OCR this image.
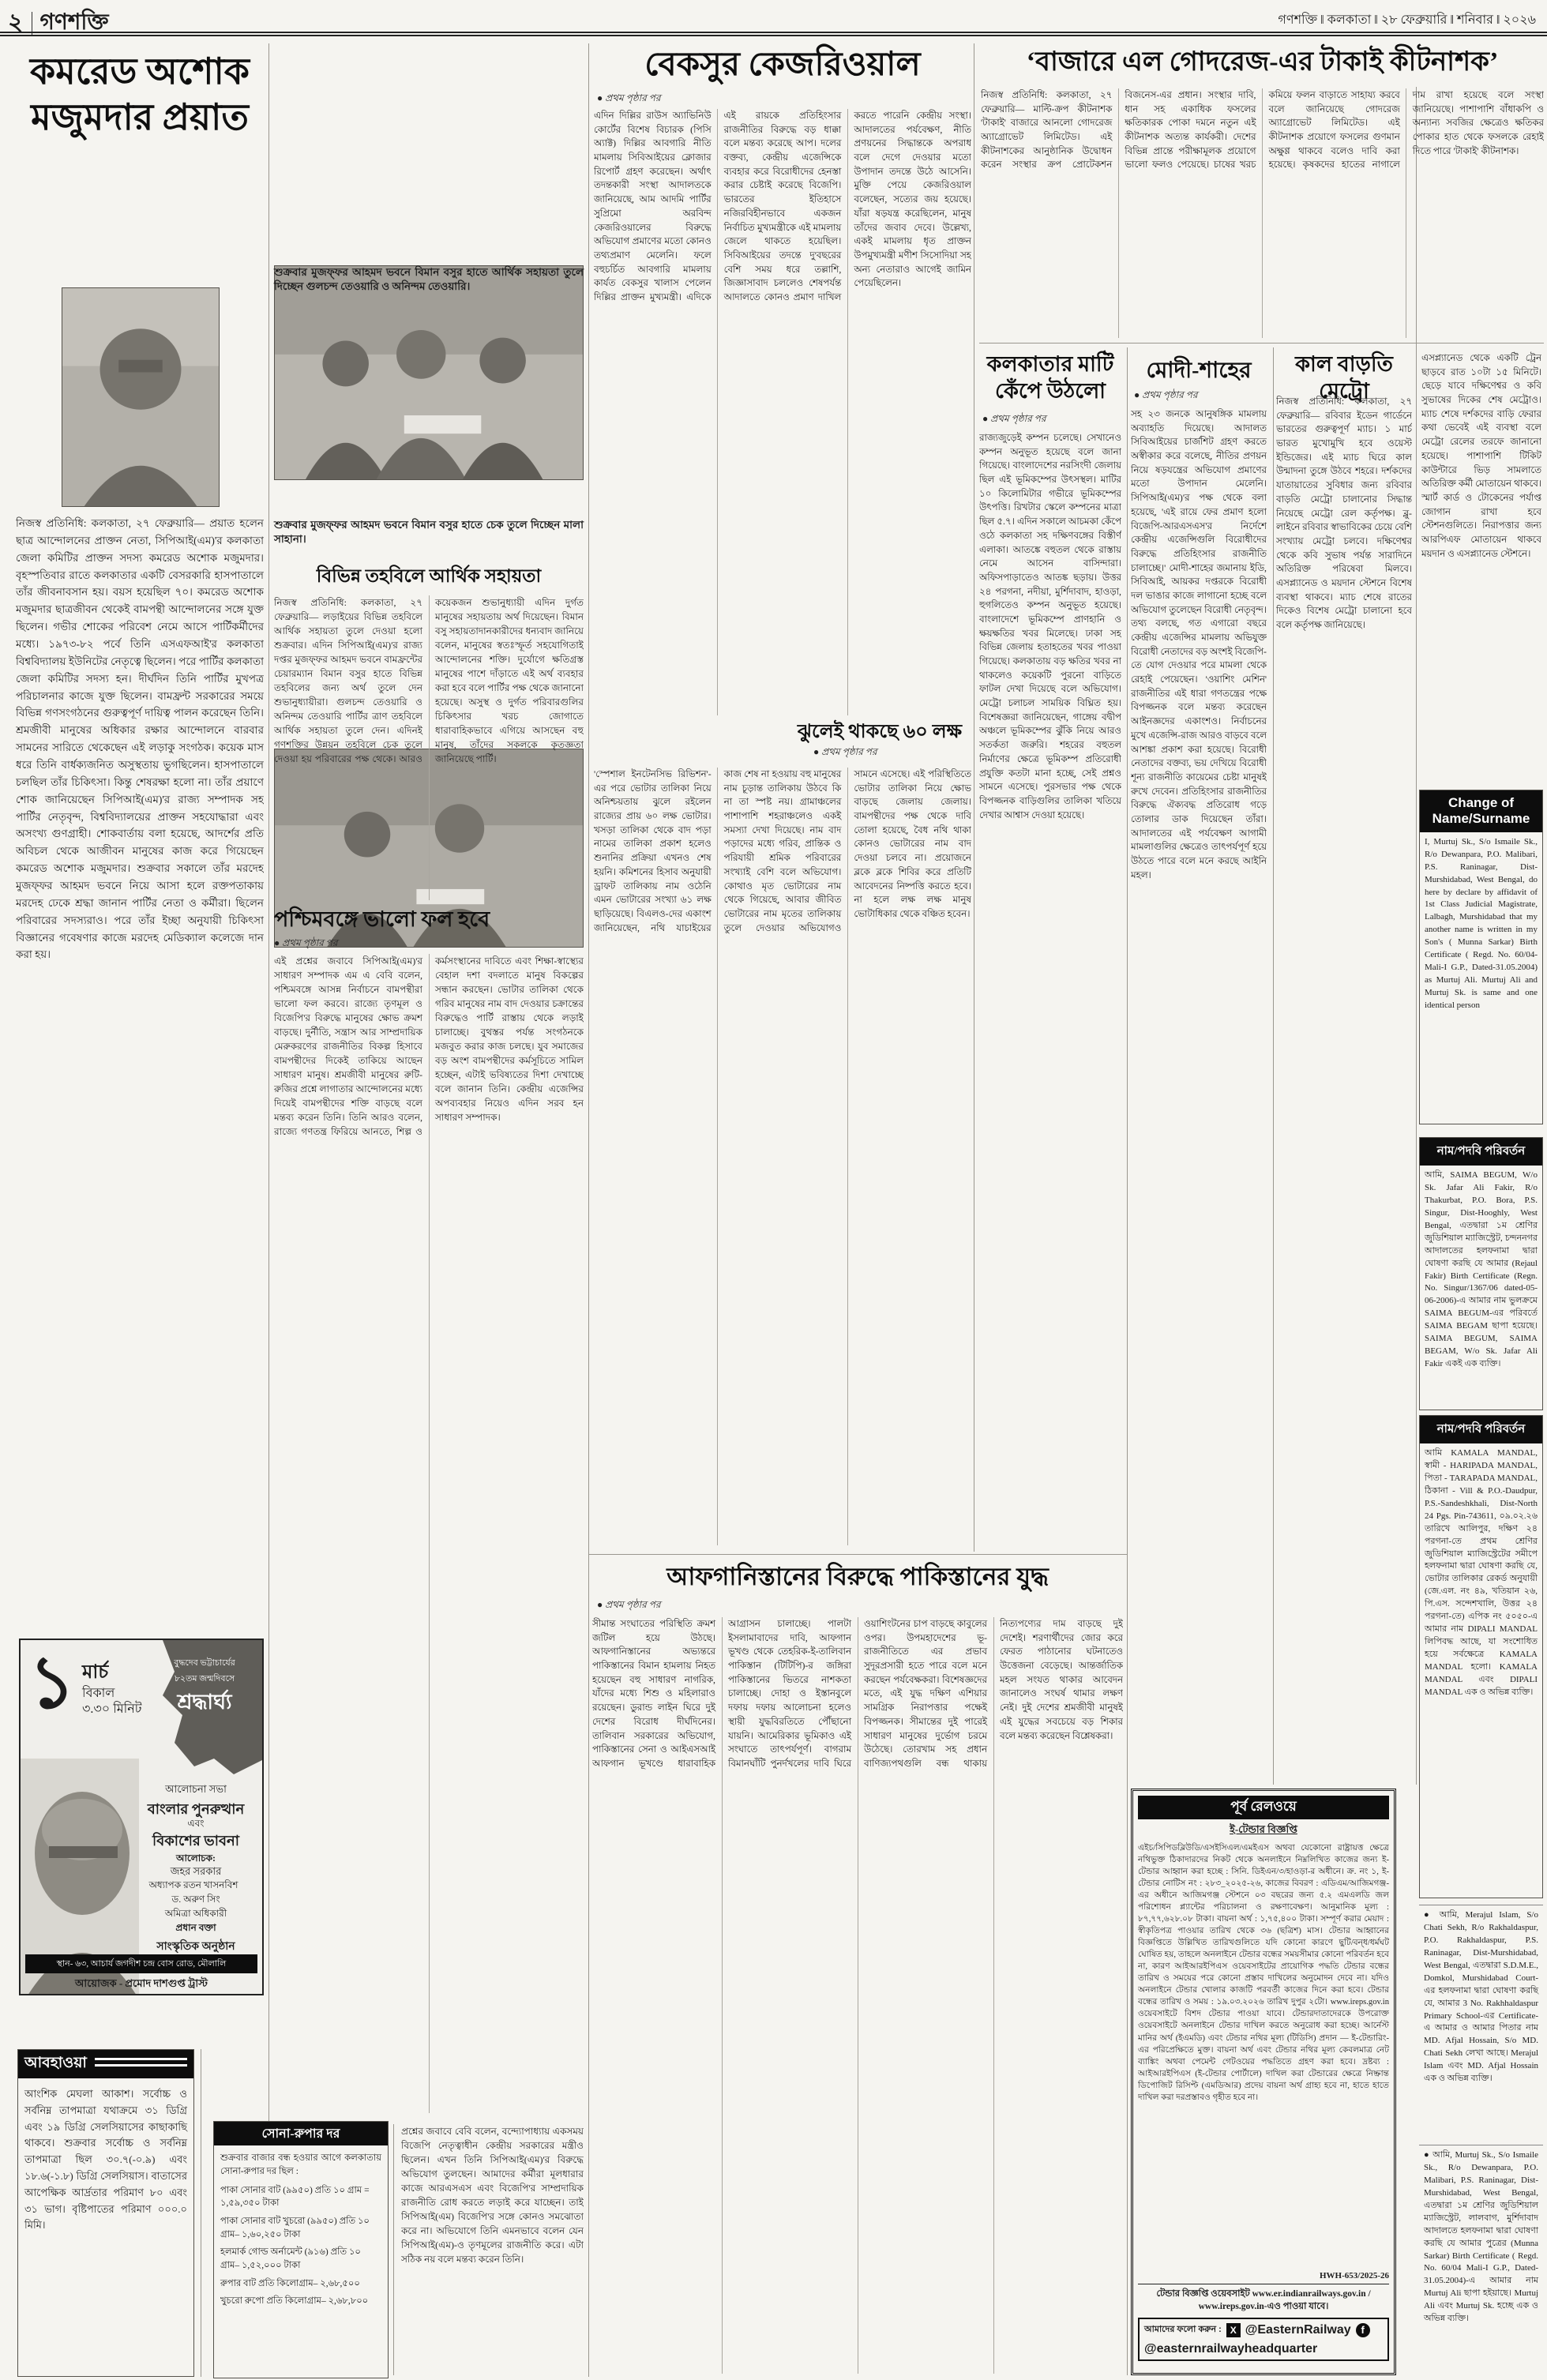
২ গণশক্তি	গণশক্তি ‖ কলকাতা ‖ ২৮ ফেব্রুয়ারি ‖ শনিবার ‖ ২০২৬
কমরেড অশোক মজুমদার প্রয়াত
নিজস্ব প্রতিনিধি: কলকাতা, ২৭ ফেব্রুয়ারি— প্রয়াত হলেন ছাত্র আন্দোলনের প্রাক্তন নেতা, সিপিআই(এম)'র কলকাতা জেলা কমিটির প্রাক্তন সদস্য কমরেড অশোক মজুমদার। বৃহস্পতিবার রাতে কলকাতার একটি বেসরকারি হাসপাতালে তাঁর জীবনাবসান হয়। বয়স হয়েছিল ৭০। কমরেড অশোক মজুমদার ছাত্রজীবন থেকেই বামপন্থী আন্দোলনের সঙ্গে যুক্ত ছিলেন। গভীর শোকের পরিবেশ নেমে আসে পার্টিকর্মীদের মধ্যে। ১৯৭৩-৮২ পর্বে তিনি এসএফআই'র কলকাতা বিশ্ববিদ্যালয় ইউনিটের নেতৃত্বে ছিলেন। পরে পার্টির কলকাতা জেলা কমিটির সদস্য হন। দীর্ঘদিন তিনি পার্টির মুখপত্র পরিচালনার কাজে যুক্ত ছিলেন। বামফ্রন্ট সরকারের সময়ে বিভিন্ন গণসংগঠনের গুরুত্বপূর্ণ দায়িত্ব পালন করেছেন তিনি। শ্রমজীবী মানুষের অধিকার রক্ষার আন্দোলনে বারবার সামনের সারিতে থেকেছেন এই লড়াকু সংগঠক। কয়েক মাস ধরে তিনি বার্ধক্যজনিত অসুস্থতায় ভুগছিলেন। হাসপাতালে চলছিল তাঁর চিকিৎসা। কিন্তু শেষরক্ষা হলো না। তাঁর প্রয়াণে শোক জানিয়েছেন সিপিআই(এম)'র রাজ্য সম্পাদক সহ পার্টির নেতৃবৃন্দ, বিশ্ববিদ্যালয়ের প্রাক্তন সহযোদ্ধারা এবং অসংখ্য গুণগ্রাহী। শোকবার্তায় বলা হয়েছে, আদর্শের প্রতি অবিচল থেকে আজীবন মানুষের কাজ করে গিয়েছেন কমরেড অশোক মজুমদার। শুক্রবার সকালে তাঁর মরদেহ মুজফ্‌ফর আহমদ ভবনে নিয়ে আসা হলে রক্তপতাকায় মরদেহ ঢেকে শ্রদ্ধা জানান পার্টির নেতা ও কর্মীরা। ছিলেন পরিবারের সদস্যরাও। পরে তাঁর ইচ্ছা অনুযায়ী চিকিৎসা বিজ্ঞানের গবেষণার কাজে মরদেহ মেডিক্যাল কলেজে দান করা হয়।
১ মার্চ
বিকাল
৩.৩০ মিনিট
বুদ্ধদেব ভট্টাচার্যের
৮২তম জন্মদিবসে
শ্রদ্ধার্ঘ্য
আলোচনা সভা
বাংলার পুনরুত্থান
এবং
বিকাশের ভাবনা
আলোচক:
জহর সরকার
অধ্যাপক রতন খাসনবিশ
ড. অরুণ সিং
অমিত্রা অধিকারী
প্রধান বক্তা
সাংস্কৃতিক অনুষ্ঠান
স্থান- ৬৩, আচার্য জগদীশ চন্দ্র বোস রোড, মৌলালি
আয়োজক - প্রমোদ দাশগুপ্ত ট্রাস্ট
আবহাওয়া
আংশিক মেঘলা আকাশ। সর্বোচ্চ ও সর্বনিম্ন তাপমাত্রা যথাক্রমে ৩১ ডিগ্রি এবং ১৯ ডিগ্রি সেলসিয়াসের কাছাকাছি থাকবে। শুক্রবার সর্বোচ্চ ও সর্বনিম্ন তাপমাত্রা ছিল ৩০.৭(-০.৯) এবং ১৮.৬(-১.৮) ডিগ্রি সেলসিয়াস। বাতাসের আপেক্ষিক আর্দ্রতার পরিমাণ ৮০ এবং ৩১ ভাগ। বৃষ্টিপাতের পরিমাণ ০০০.০ মিমি।
সোনা-রুপার দর
শুক্রবার বাজার বন্ধ হওয়ার আগে কলকাতায় সোনা-রুপার দর ছিল :
পাকা সোনার বাট (৯৯৫০) প্রতি ১০ গ্রাম = ১,৫৯,৩৫০ টাকা
পাকা সোনার বাট খুচরো (৯৯৫০) প্রতি ১০ গ্রাম– ১,৬০,২৫০ টাকা
হলমার্ক গোল্ড অর্নামেন্ট (৯১৬) প্রতি ১০ গ্রাম– ১,৫২,০০০ টাকা
রুপার বাট প্রতি কিলোগ্রাম– ২,৬৮,৫০০
খুচরো রুপো প্রতি কিলোগ্রাম– ২,৬৮,৮০০
শুক্রবার মুজফ্‌ফর আহমদ ভবনে বিমান বসুর হাতে আর্থিক সহায়তা তুলে দিচ্ছেন গুলচন্দ তেওয়ারি ও অনিন্দম তেওয়ারি।
শুক্রবার মুজফ্‌ফর আহমদ ভবনে বিমান বসুর হাতে চেক তুলে দিচ্ছেন মালা সাহানা।
বিভিন্ন তহবিলে আর্থিক সহায়তা
নিজস্ব প্রতিনিধি: কলকাতা, ২৭ ফেব্রুয়ারি— লড়াইয়ের বিভিন্ন তহবিলে আর্থিক সহায়তা তুলে দেওয়া হলো শুক্রবার। এদিন সিপিআই(এম)'র রাজ্য দপ্তর মুজফ্‌ফর আহমদ ভবনে বামফ্রন্টের চেয়ারম্যান বিমান বসুর হাতে বিভিন্ন তহবিলের জন্য অর্থ তুলে দেন শুভানুধ্যায়ীরা। গুলচন্দ তেওয়ারি ও অনিন্দম তেওয়ারি পার্টির ত্রাণ তহবিলে আর্থিক সহায়তা তুলে দেন। এদিনই গণশক্তির উন্নয়ন তহবিলে চেক তুলে দেওয়া হয় পরিবারের পক্ষ থেকে। আরও কয়েকজন শুভানুধ্যায়ী এদিন দুর্গত মানুষের সহায়তায় অর্থ দিয়েছেন। বিমান বসু সহায়তাদানকারীদের ধন্যবাদ জানিয়ে বলেন, মানুষের স্বতঃস্ফূর্ত সহযোগিতাই আন্দোলনের শক্তি। দুর্যোগে ক্ষতিগ্রস্ত মানুষের পাশে দাঁড়াতে এই অর্থ ব্যবহার করা হবে বলে পার্টির পক্ষ থেকে জানানো হয়েছে। অসুস্থ ও দুর্গত পরিবারগুলির চিকিৎসার খরচ জোগাতে ধারাবাহিকভাবে এগিয়ে আসছেন বহু মানুষ, তাঁদের সকলকে কৃতজ্ঞতা জানিয়েছে পার্টি।
পশ্চিমবঙ্গে ভালো ফল হবে
● প্রথম পৃষ্ঠার পর
এই প্রশ্নের জবাবে সিপিআই(এম)'র সাধারণ সম্পাদক এম এ বেবি বলেন, পশ্চিমবঙ্গে আসন্ন নির্বাচনে বামপন্থীরা ভালো ফল করবে। রাজ্যে তৃণমূল ও বিজেপি'র বিরুদ্ধে মানুষের ক্ষোভ ক্রমশ বাড়ছে। দুর্নীতি, সন্ত্রাস আর সাম্প্রদায়িক মেরুকরণের রাজনীতির বিকল্প হিসাবে বামপন্থীদের দিকেই তাকিয়ে আছেন সাধারণ মানুষ। শ্রমজীবী মানুষের রুটি-রুজির প্রশ্নে লাগাতার আন্দোলনের মধ্যে দিয়েই বামপন্থীদের শক্তি বাড়ছে বলে মন্তব্য করেন তিনি। তিনি আরও বলেন, রাজ্যে গণতন্ত্র ফিরিয়ে আনতে, শিল্প ও কর্মসংস্থানের দাবিতে এবং শিক্ষা-স্বাস্থ্যের বেহাল দশা বদলাতে মানুষ বিকল্পের সন্ধান করছেন। ভোটার তালিকা থেকে গরিব মানুষের নাম বাদ দেওয়ার চক্রান্তের বিরুদ্ধেও পার্টি রাস্তায় থেকে লড়াই চালাচ্ছে। বুথস্তর পর্যন্ত সংগঠনকে মজবুত করার কাজ চলছে। যুব সমাজের বড় অংশ বামপন্থীদের কর্মসূচিতে সামিল হচ্ছেন, এটাই ভবিষ্যতের দিশা দেখাচ্ছে বলে জানান তিনি। কেন্দ্রীয় এজেন্সির অপব্যবহার নিয়েও এদিন সরব হন সাধারণ সম্পাদক।
প্রশ্নের জবাবে বেবি বলেন, বন্দ্যোপাধ্যায় একসময় বিজেপি নেতৃত্বাধীন কেন্দ্রীয় সরকারের মন্ত্রীও ছিলেন। এখন তিনি সিপিআই(এম)'র বিরুদ্ধে অভিযোগ তুলছেন। আমাদের কর্মীরা মূলধারার কাজে আরএসএস এবং বিজেপি'র সাম্প্রদায়িক রাজনীতি রোধ করতে লড়াই করে যাচ্ছেন। তাই সিপিআই(এম) বিজেপি'র সঙ্গে কোনও সমঝোতা করে না। অভিযোগে তিনি এমনভাবে বলেন যেন সিপিআই(এম)-ও তৃণমূলের রাজনীতি করে। এটা সঠিক নয় বলে মন্তব্য করেন তিনি।
বেকসুর কেজরিওয়াল
● প্রথম পৃষ্ঠার পর
এদিন দিল্লির রাউস অ্যাভিনিউ কোর্টের বিশেষ বিচারক (পিসি অ্যাক্ট) দিল্লির আবগারি নীতি মামলায় সিবিআইয়ের ক্লোজার রিপোর্ট গ্রহণ করেছেন। অর্থাৎ তদন্তকারী সংস্থা আদালতকে জানিয়েছে, আম আদমি পার্টির সুপ্রিমো অরবিন্দ কেজরিওয়ালের বিরুদ্ধে অভিযোগ প্রমাণের মতো কোনও তথ্যপ্রমাণ মেলেনি। ফলে বহুচর্চিত আবগারি মামলায় কার্যত বেকসুর খালাস পেলেন দিল্লির প্রাক্তন মুখ্যমন্ত্রী। এদিকে এই রায়কে প্রতিহিংসার রাজনীতির বিরুদ্ধে বড় ধাক্কা বলে মন্তব্য করেছে আপ। দলের বক্তব্য, কেন্দ্রীয় এজেন্সিকে ব্যবহার করে বিরোধীদের হেনস্তা করার চেষ্টাই করেছে বিজেপি। ভারতের ইতিহাসে নজিরবিহীনভাবে একজন নির্বাচিত মুখ্যমন্ত্রীকে এই মামলায় জেলে থাকতে হয়েছিল। সিবিআইয়ের তদন্তে দু'বছরের বেশি সময় ধরে তল্লাশি, জিজ্ঞাসাবাদ চললেও শেষপর্যন্ত আদালতে কোনও প্রমাণ দাখিল করতে পারেনি কেন্দ্রীয় সংস্থা। আদালতের পর্যবেক্ষণ, নীতি প্রণয়নের সিদ্ধান্তকে অপরাধ বলে দেগে দেওয়ার মতো উপাদান তদন্তে উঠে আসেনি। মুক্তি পেয়ে কেজরিওয়াল বলেছেন, সত্যের জয় হয়েছে। যাঁরা ষড়যন্ত্র করেছিলেন, মানুষ তাঁদের জবাব দেবে। উল্লেখ্য, একই মামলায় ধৃত প্রাক্তন উপমুখ্যমন্ত্রী মণীশ সিসোদিয়া সহ অন্য নেতারাও আগেই জামিন পেয়েছিলেন।
ঝুলেই থাকছে ৬০ লক্ষ
● প্রথম পৃষ্ঠার পর
'স্পেশাল ইনটেনসিভ রিভিশন'-এর পরে ভোটার তালিকা নিয়ে অনিশ্চয়তায় ঝুলে রইলেন রাজ্যের প্রায় ৬০ লক্ষ ভোটার। খসড়া তালিকা থেকে বাদ পড়া নামের তালিকা প্রকাশ হলেও শুনানির প্রক্রিয়া এখনও শেষ হয়নি। কমিশনের হিসাব অনুযায়ী ড্রাফট তালিকায় নাম ওঠেনি এমন ভোটারের সংখ্যা ৬১ লক্ষ ছাড়িয়েছে। বিএলও-দের একাংশ জানিয়েছেন, নথি যাচাইয়ের কাজ শেষ না হওয়ায় বহু মানুষের নাম চূড়ান্ত তালিকায় উঠবে কি না তা স্পষ্ট নয়। গ্রামাঞ্চলের পাশাপাশি শহরাঞ্চলেও একই সমস্যা দেখা দিয়েছে। নাম বাদ পড়াদের মধ্যে গরিব, প্রান্তিক ও পরিযায়ী শ্রমিক পরিবারের সংখ্যাই বেশি বলে অভিযোগ। কোথাও মৃত ভোটারের নাম থেকে গিয়েছে, আবার জীবিত ভোটারের নাম মৃতের তালিকায় তুলে দেওয়ার অভিযোগও সামনে এসেছে। এই পরিস্থিতিতে ভোটার তালিকা নিয়ে ক্ষোভ বাড়ছে জেলায় জেলায়। বামপন্থীদের পক্ষ থেকে দাবি তোলা হয়েছে, বৈধ নথি থাকা কোনও ভোটারের নাম বাদ দেওয়া চলবে না। প্রয়োজনে ব্লকে ব্লকে শিবির করে প্রতিটি আবেদনের নিষ্পত্তি করতে হবে। না হলে লক্ষ লক্ষ মানুষ ভোটাধিকার থেকে বঞ্চিত হবেন।
আফগানিস্তানের বিরুদ্ধে পাকিস্তানের যুদ্ধ
● প্রথম পৃষ্ঠার পর
সীমান্ত সংঘাতের পরিস্থিতি ক্রমশ জটিল হয়ে উঠছে। আফগানিস্তানের অভ্যন্তরে পাকিস্তানের বিমান হামলায় নিহত হয়েছেন বহু সাধারণ নাগরিক, যাঁদের মধ্যে শিশু ও মহিলারাও রয়েছেন। ডুরান্ড লাইন ঘিরে দুই দেশের বিরোধ দীর্ঘদিনের। তালিবান সরকারের অভিযোগ, পাকিস্তানের সেনা ও আইএসআই আফগান ভূখণ্ডে ধারাবাহিক আগ্রাসন চালাচ্ছে। পালটা ইসলামাবাদের দাবি, আফগান ভূখণ্ড থেকে তেহরিক-ই-তালিবান পাকিস্তান (টিটিপি)-র জঙ্গিরা পাকিস্তানের ভিতরে নাশকতা চালাচ্ছে। দোহা ও ইস্তানবুলে দফায় দফায় আলোচনা হলেও স্থায়ী যুদ্ধবিরতিতে পৌঁছানো যায়নি। আমেরিকার ভূমিকাও এই সংঘাতে তাৎপর্যপূর্ণ। বাগরাম বিমানঘাঁটি পুনর্দখলের দাবি ঘিরে ওয়াশিংটনের চাপ বাড়ছে কাবুলের ওপর। উপমহাদেশের ভূ-রাজনীতিতে এর প্রভাব সুদূরপ্রসারী হতে পারে বলে মনে করছেন পর্যবেক্ষকরা। বিশেষজ্ঞদের মতে, এই যুদ্ধ দক্ষিণ এশিয়ার সামগ্রিক নিরাপত্তার পক্ষেই বিপজ্জনক। সীমান্তের দুই পারেই সাধারণ মানুষের দুর্ভোগ চরমে উঠেছে। তোরখাম সহ প্রধান বাণিজ্যপথগুলি বন্ধ থাকায় নিত্যপণ্যের দাম বাড়ছে দুই দেশেই। শরণার্থীদের জোর করে ফেরত পাঠানোর ঘটনাতেও উত্তেজনা বেড়েছে। আন্তর্জাতিক মহল সংযত থাকার আবেদন জানালেও সংঘর্ষ থামার লক্ষণ নেই। দুই দেশের শ্রমজীবী মানুষই এই যুদ্ধের সবচেয়ে বড় শিকার বলে মন্তব্য করেছেন বিশ্লেষকরা।
‘বাজারে এল গোদরেজ-এর টাকাই কীটনাশক’
নিজস্ব প্রতিনিধি: কলকাতা, ২৭ ফেব্রুয়ারি— মাল্টি-ক্রপ কীটনাশক 'টাকাই' বাজারে আনলো গোদরেজ অ্যাগ্রোভেট লিমিটেড। এই কীটনাশকের আনুষ্ঠানিক উদ্বোধন করেন সংস্থার ক্রপ প্রোটেকশন বিজনেস-এর প্রধান। সংস্থার দাবি, ধান সহ একাধিক ফসলের ক্ষতিকারক পোকা দমনে নতুন এই কীটনাশক অত্যন্ত কার্যকরী। দেশের বিভিন্ন প্রান্তে পরীক্ষামূলক প্রয়োগে ভালো ফলও পেয়েছে। চাষের খরচ কমিয়ে ফলন বাড়াতে সাহায্য করবে বলে জানিয়েছে গোদরেজ অ্যাগ্রোভেট লিমিটেড। এই কীটনাশক প্রয়োগে ফসলের গুণমান অক্ষুণ্ণ থাকবে বলেও দাবি করা হয়েছে। কৃষকদের হাতের নাগালে দাম রাখা হয়েছে বলে সংস্থা জানিয়েছে। পাশাপাশি বাঁধাকপি ও অন্যান্য সবজির ক্ষেত্রেও ক্ষতিকর পোকার হাত থেকে ফসলকে রেহাই দিতে পারে 'টাকাই' কীটনাশক।
কলকাতার মাটি কেঁপে উঠলো
● প্রথম পৃষ্ঠার পর
রাজ্যজুড়েই কম্পন চলেছে। সেখানেও কম্পন অনুভূত হয়েছে বলে জানা গিয়েছে। বাংলাদেশের নরসিংদী জেলায় ছিল এই ভূমিকম্পের উৎসস্থল। মাটির ১০ কিলোমিটার গভীরে ভূমিকম্পের উৎপত্তি। রিখটার স্কেলে কম্পনের মাত্রা ছিল ৫.৭। এদিন সকালে আচমকা কেঁপে ওঠে কলকাতা সহ দক্ষিণবঙ্গের বিস্তীর্ণ এলাকা। আতঙ্কে বহুতল থেকে রাস্তায় নেমে আসেন বাসিন্দারা। অফিসপাড়াতেও আতঙ্ক ছড়ায়। উত্তর ২৪ পরগনা, নদীয়া, মুর্শিদাবাদ, হাওড়া, হুগলিতেও কম্পন অনুভূত হয়েছে। বাংলাদেশে ভূমিকম্পে প্রাণহানি ও ক্ষয়ক্ষতির খবর মিলেছে। ঢাকা সহ বিভিন্ন জেলায় হতাহতের খবর পাওয়া গিয়েছে। কলকাতায় বড় ক্ষতির খবর না থাকলেও কয়েকটি পুরনো বাড়িতে ফাটল দেখা দিয়েছে বলে অভিযোগ। মেট্রো চলাচল সাময়িক বিঘ্নিত হয়। বিশেষজ্ঞরা জানিয়েছেন, গাঙ্গেয় বদ্বীপ অঞ্চলে ভূমিকম্পের ঝুঁকি নিয়ে আরও সতর্কতা জরুরি। শহরের বহুতল নির্মাণের ক্ষেত্রে ভূমিকম্প প্রতিরোধী প্রযুক্তি কতটা মানা হচ্ছে, সেই প্রশ্নও সামনে এসেছে। পুরসভার পক্ষ থেকে বিপজ্জনক বাড়িগুলির তালিকা খতিয়ে দেখার আশ্বাস দেওয়া হয়েছে।
মোদী-শাহের
● প্রথম পৃষ্ঠার পর
সহ ২৩ জনকে আনুষঙ্গিক মামলায় অব্যাহতি দিয়েছে। আদালত সিবিআইয়ের চার্জশিট গ্রহণ করতে অস্বীকার করে বলেছে, নীতির প্রণয়ন নিয়ে ষড়যন্ত্রের অভিযোগ প্রমাণের মতো উপাদান মেলেনি। সিপিআই(এম)'র পক্ষ থেকে বলা হয়েছে, 'এই রায়ে ফের প্রমাণ হলো বিজেপি-আরএসএস'র নির্দেশে কেন্দ্রীয় এজেন্সিগুলি বিরোধীদের বিরুদ্ধে প্রতিহিংসার রাজনীতি চালাচ্ছে।' মোদী-শাহের জমানায় ইডি, সিবিআই, আয়কর দপ্তরকে বিরোধী দল ভাঙার কাজে লাগানো হচ্ছে বলে অভিযোগ তুলেছেন বিরোধী নেতৃবৃন্দ। তথ্য বলছে, গত এগারো বছরে কেন্দ্রীয় এজেন্সির মামলায় অভিযুক্ত বিরোধী নেতাদের বড় অংশই বিজেপি-তে যোগ দেওয়ার পরে মামলা থেকে রেহাই পেয়েছেন। 'ওয়াশিং মেশিন' রাজনীতির এই ধারা গণতন্ত্রের পক্ষে বিপজ্জনক বলে মন্তব্য করেছেন আইনজ্ঞদের একাংশও। নির্বাচনের মুখে এজেন্সি-রাজ আরও বাড়বে বলে আশঙ্কা প্রকাশ করা হয়েছে। বিরোধী নেতাদের বক্তব্য, ভয় দেখিয়ে বিরোধী শূন্য রাজনীতি কায়েমের চেষ্টা মানুষই রুখে দেবেন। প্রতিহিংসার রাজনীতির বিরুদ্ধে ঐক্যবদ্ধ প্রতিরোধ গড়ে তোলার ডাক দিয়েছেন তাঁরা। আদালতের এই পর্যবেক্ষণ আগামী মামলাগুলির ক্ষেত্রেও তাৎপর্যপূর্ণ হয়ে উঠতে পারে বলে মনে করছে আইনি মহল।
কাল বাড়তি মেট্রো
নিজস্ব প্রতিনিধি: কলকাতা, ২৭ ফেব্রুয়ারি— রবিবার ইডেন গার্ডেনে ভারতের গুরুত্বপূর্ণ ম্যাচ। ১ মার্চ ভারত মুখোমুখি হবে ওয়েস্ট ইন্ডিজের। এই ম্যাচ ঘিরে কাল উন্মাদনা তুঙ্গে উঠবে শহরে। দর্শকদের যাতায়াতের সুবিধার জন্য রবিবার বাড়তি মেট্রো চালানোর সিদ্ধান্ত নিয়েছে মেট্রো রেল কর্তৃপক্ষ। ব্লু-লাইনে রবিবার স্বাভাবিকের চেয়ে বেশি সংখ্যায় মেট্রো চলবে। দক্ষিণেশ্বর থেকে কবি সুভাষ পর্যন্ত সারাদিনে অতিরিক্ত পরিষেবা মিলবে। এসপ্ল্যানেড ও ময়দান স্টেশনে বিশেষ ব্যবস্থা থাকবে। ম্যাচ শেষে রাতের দিকেও বিশেষ মেট্রো চালানো হবে বলে কর্তৃপক্ষ জানিয়েছে।
এসপ্ল্যানেড থেকে একটি ট্রেন ছাড়বে রাত ১০টা ১৫ মিনিটে। ছেড়ে যাবে দক্ষিণেশ্বর ও কবি সুভাষের দিকের শেষ মেট্রোও। ম্যাচ শেষে দর্শকদের বাড়ি ফেরার কথা ভেবেই এই ব্যবস্থা বলে মেট্রো রেলের তরফে জানানো হয়েছে। পাশাপাশি টিকিট কাউন্টারে ভিড় সামলাতে অতিরিক্ত কর্মী মোতায়েন থাকবে। স্মার্ট কার্ড ও টোকেনের পর্যাপ্ত জোগান রাখা হবে স্টেশনগুলিতে। নিরাপত্তার জন্য আরপিএফ মোতায়েন থাকবে ময়দান ও এসপ্ল্যানেড স্টেশনে।
Change of Name/Surname
I, Murtuj Sk., S/o Ismaile Sk., R/o Dewanpara, P.O. Malibari, P.S. Raninagar, Dist- Murshidabad, West Bengal, do here by declare by affidavit of 1st Class Judicial Magistrate, Lalbagh, Murshidabad that my another name is written in my Son's ( Munna Sarkar) Birth Certificate ( Regd. No. 60/04-Mali-I G.P., Dated-31.05.2004) as Murtuj Ali. Murtuj Ali and Murtuj Sk. is same and one identical person
নাম/পদবি পরিবর্তন
আমি, SAIMA BEGUM, W/o Sk. Jafar Ali Fakir, R/o Thakurbat, P.O. Bora, P.S. Singur, Dist-Hooghly, West Bengal, এতদ্বারা ১ম শ্রেণির জুডিশিয়াল ম্যাজিস্ট্রেট, চন্দননগর আদালতের হলফনামা দ্বারা ঘোষণা করছি যে আমার (Rejaul Fakir) Birth Certificate (Regn. No. Singur/1367/06 dated-05-06-2006)-এ আমার নাম ভুলক্রমে SAIMA BEGUM-এর পরিবর্তে SAIMA BEGAM ছাপা হয়েছে। SAIMA BEGUM, SAIMA BEGAM, W/o Sk. Jafar Ali Fakir একই এক ব্যক্তি।
নাম/পদবি পরিবর্তন
আমি KAMALA MANDAL, স্বামী - HARIPADA MANDAL, পিতা - TARAPADA MANDAL, ঠিকানা - Vill & P.O.-Daudpur, P.S.-Sandeshkhali, Dist-North 24 Pgs. Pin-743611, ০৯.০২.২৬ তারিখে আলিপুর, দক্ষিণ ২৪ পরগনা-তে প্রথম শ্রেণির জুডিশিয়াল ম্যাজিস্ট্রেটের সমীপে হলফনামা দ্বারা ঘোষণা করছি যে, ভোটার তালিকার রেকর্ড অনুযায়ী (জে.এল. নং ৪৯, খতিয়ান ২৬, পি.এস. সন্দেশখালি, উত্তর ২৪ পরগনা-তে) এপিক নং ৫০৫০-এ আমার নাম DIPALI MANDAL লিপিবদ্ধ আছে, যা সংশোধিত হয়ে সর্বক্ষেত্রে KAMALA MANDAL হলো। KAMALA MANDAL এবং DIPALI MANDAL এক ও অভিন্ন ব্যক্তি।
● আমি, Merajul Islam, S/o Chati Sekh, R/o Rakhaldaspur, P.O. Rakhaldaspur, P.S. Raninagar, Dist-Murshidabad, West Bengal, এতদ্বারা S.D.M.E., Domkol, Murshidabad Court-এর হলফনামা দ্বারা ঘোষণা করছি যে, আমার 3 No. Rakhhaldaspur Primary School-এর Certificate-এ আমার ও আমার পিতার নাম MD. Afjal Hossain, S/o MD. Chati Sekh লেখা আছে। Merajul Islam এবং MD. Afjal Hossain এক ও অভিন্ন ব্যক্তি।
● আমি, Murtuj Sk., S/o Ismaile Sk., R/o Dewanpara, P.O. Malibari, P.S. Raninagar, Dist-Murshidabad, West Bengal, এতদ্বারা ১ম শ্রেণির জুডিশিয়াল ম্যাজিস্ট্রেট, লালবাগ, মুর্শিদাবাদ আদালতে হলফনামা দ্বারা ঘোষণা করছি যে আমার পুত্রের (Munna Sarkar) Birth Certificate ( Regd. No. 60/04 Mali-I G.P., Dated-31.05.2004)-এ আমার নাম Murtuj Ali ছাপা হইয়াছে। Murtuj Ali এবং Murtuj Sk. হচ্ছে এক ও অভিন্ন ব্যক্তি।
পূর্ব রেলওয়ে
ই-টেন্ডার বিজ্ঞপ্তি
এইচ/সিপিডব্লিউডি/এসইসিএল/এমইএস অথবা যেকোনো রাষ্ট্রায়ত্ত ক্ষেত্রে নথিভুক্ত ঠিকাদারদের নিকট থেকে অনলাইনে নিম্নলিখিত কাজের জন্য ই-টেন্ডার আহ্বান করা হচ্ছে : সিনি. ডিইএন/৩/হাওড়া-র অধীনে। ক্র. নং ১, ই-টেন্ডার নোটিস নং : ২৮৩_২০২৫-২৬, কাজের বিবরণ : এডিএম/আজিমগঞ্জ-এর অধীনে আজিমগঞ্জ স্টেশনে ০৩ বছরের জন্য ৫.২ এমএলডি জল পরিশোধন প্ল্যান্টের পরিচালনা ও রক্ষণাবেক্ষণ। আনুমানিক মূল্য : ৮৭,৭৭,৬২৮.০৮ টাকা। বায়না অর্থ : ১,৭৫,৪০০ টাকা। সম্পূর্ণ করার মেয়াদ : স্বীকৃতিপত্র পাওয়ার তারিখ থেকে ৩৬ (ছত্রিশ) মাস। টেন্ডার আহ্বানের বিজ্ঞপ্তিতে উল্লিখিত তারিখগুলিতে যদি কোনো কারণে ছুটি/বন্‌ধ/ধর্মঘট ঘোষিত হয়, তাহলে অনলাইনে টেন্ডার বন্ধের সময়সীমার কোনো পরিবর্তন হবে না, কারণ আইআরইপিএস ওয়েবসাইটের প্রায়োগিক পদ্ধতি টেন্ডার বন্ধের তারিখ ও সময়ের পরে কোনো প্রস্তাব দাখিলের অনুমোদন দেবে না। যদিও অনলাইনে টেন্ডার খোলার কাজটি পরবর্তী কাজের দিনে করা হবে। টেন্ডার বন্ধের তারিখ ও সময় : ১৯.০৩.২০২৬ তারিখ দুপুর ২টো। www.ireps.gov.in ওয়েবসাইটে বিশদ টেন্ডার পাওয়া যাবে। টেন্ডারদাতাদেরকে উপরোক্ত ওয়েবসাইটে অনলাইনে টেন্ডার দাখিল করতে অনুরোধ করা হচ্ছে। আর্নেস্ট মানির অর্থ (ইএমডি) এবং টেন্ডার নথির মূল্য (টিডিসি) প্রদান — ই-টেন্ডারিং-এর পরিপ্রেক্ষিতে মুক্ত। বায়না অর্থ এবং টেন্ডার নথির মূল্য কেবলমাত্র নেট ব্যাঙ্কিং অথবা পেমেন্ট গেটওয়ের পদ্ধতিতে গ্রহণ করা হবে। দ্রষ্টব্য : আইআরইপিএস (ই-টেন্ডার পোর্টালে) দাখিল করা টেন্ডারের ক্ষেত্রে নিষ্ক্রান্ত ডিপোজিট রিসিপ্ট (এমডিআর) প্রদেয় বায়না অর্থ গ্রাহ্য হবে না, হাতে হাতে দাখিল করা দরপ্রস্তাবও গৃহীত হবে না।
HWH-653/2025-26
টেন্ডার বিজ্ঞপ্তি ওয়েবসাইট www.er.indianrailways.gov.in / www.ireps.gov.in-এও পাওয়া যাবে।
আমাদের ফলো করুন : X @EasternRailway f
@easternrailwayheadquarter
